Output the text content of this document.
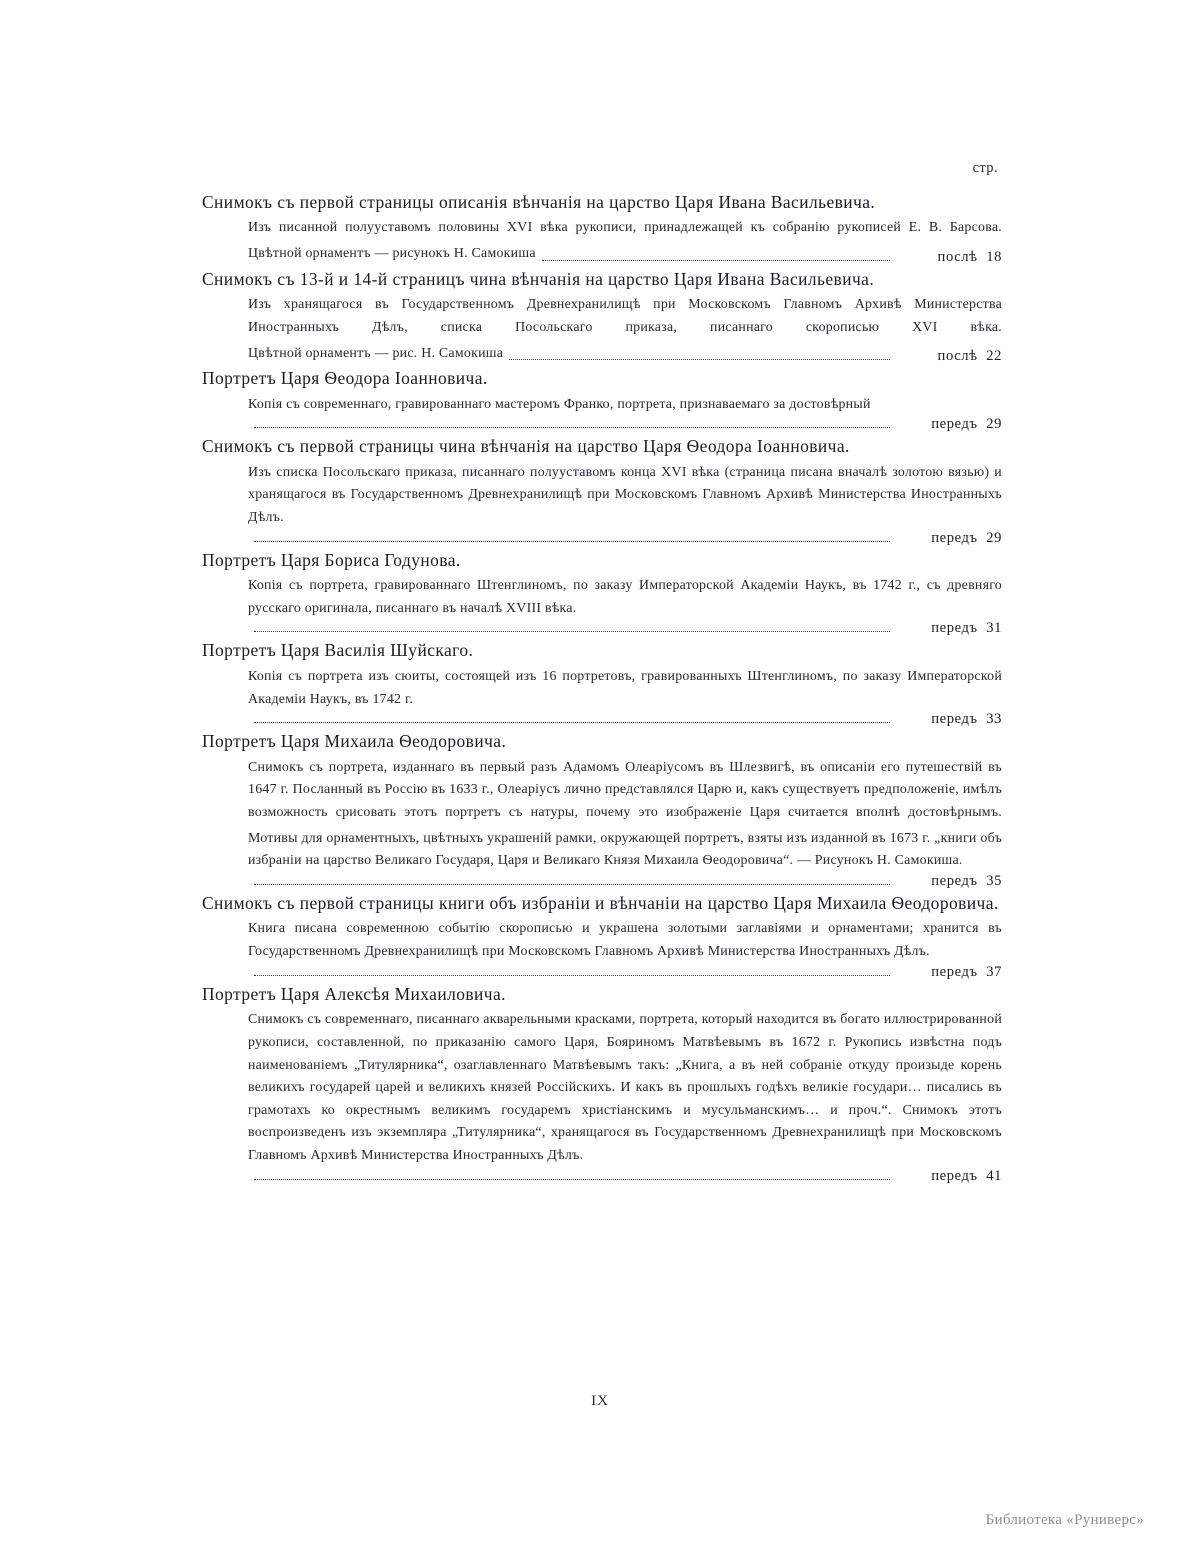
стр.

Снимокъ съ первой страницы описанія вѣнчанія на царство Царя Ивана Васильевича.

Изъ писанной полууставомъ половины XVI вѣка рукописи, принадлежащей къ собранію рукописей Е. В. Барсова.

Цвѣтной орнаментъ — рисунокъ Н. Самокиша	послѣ 18

Снимокъ съ 13-й и 14-й страницъ чина вѣнчанія на царство Царя Ивана Васильевича.

Изъ хранящагося въ Государственномъ Древнехранилищѣ при Московскомъ Главномъ Архивѣ Министерства Иностранныхъ Дѣлъ, списка Посольскаго приказа, писаннаго скорописью XVI вѣка.

Цвѣтной орнаментъ — рис. Н. Самокиша	послѣ 22

Портретъ Царя Ѳеодора Іоанновича.

Копія съ современнаго, гравированнаго мастеромъ Франко, портрета, признаваемаго за достовѣрный

передъ 29

Снимокъ съ первой страницы чина вѣнчанія на царство Царя Ѳеодора Іоанновича.

Изъ списка Посольскаго приказа, писаннаго полууставомъ конца XVI вѣка (страница писана вначалѣ золотою вязью) и хранящагося въ Государственномъ Древнехранилищѣ при Московскомъ Главномъ Архивѣ Министерства Иностранныхъ Дѣлъ.

передъ 29

Портретъ Царя Бориса Годунова.

Копія съ портрета, гравированнаго Штенглиномъ, по заказу Императорской Академіи Наукъ, въ 1742 г., съ древняго русскаго оригинала, писаннаго въ началѣ XVIII вѣка.

передъ 31

Портретъ Царя Василія Шуйскаго.

Копія съ портрета изъ сюиты, состоящей изъ 16 портретовъ, гравированныхъ Штенглиномъ, по заказу Императорской Академіи Наукъ, въ 1742 г.

передъ 33

Портретъ Царя Михаила Ѳеодоровича.

Снимокъ съ портрета, изданнаго въ первый разъ Адамомъ Олеаріусомъ въ Шлезвигѣ, въ описаніи его путешествій въ 1647 г. Посланный въ Россію въ 1633 г., Олеаріусъ лично представлялся Царю и, какъ существуетъ предположеніе, имѣлъ возможность срисовать этотъ портретъ съ натуры, почему это изображеніе Царя считается вполнѣ достовѣрнымъ.

Мотивы для орнаментныхъ, цвѣтныхъ украшеній рамки, окружающей портретъ, взяты изъ изданной въ 1673 г. „книги объ избраніи на царство Великаго Государя, Царя и Великаго Князя Михаила Ѳеодоровича“. — Рисунокъ Н. Самокиша.

передъ 35

Снимокъ съ первой страницы книги объ избраніи и вѣнчаніи на царство Царя Михаила Ѳеодоровича.

Книга писана современною событію скорописью и украшена золотыми заглавіями и орнаментами; хранится въ Государственномъ Древнехранилищѣ при Московскомъ Главномъ Архивѣ Министерства Иностранныхъ Дѣлъ.

передъ 37

Портретъ Царя Алексѣя Михаиловича.

Снимокъ съ современнаго, писаннаго акварельными красками, портрета, который находится въ богато иллюстрированной рукописи, составленной, по приказанію самого Царя, Бояриномъ Матвѣевымъ въ 1672 г. Рукопись извѣстна подъ наименованіемъ „Титулярника“, озаглавленнаго Матвѣевымъ такъ: „Книга, а въ ней собраніе откуду произыде корень великихъ государей царей и великихъ князей Россійскихъ. И какъ въ прошлыхъ годѣхъ великіе государи… писались въ грамотахъ ко окрестнымъ великимъ государемъ христіанскимъ и мусульманскимъ… и проч.“. Снимокъ этотъ воспроизведенъ изъ экземпляра „Титулярника“, хранящагося въ Государственномъ Древнехранилищѣ при Московскомъ Главномъ Архивѣ Министерства Иностранныхъ Дѣлъ.

передъ 41
IX
Библиотека «Руниверс»
